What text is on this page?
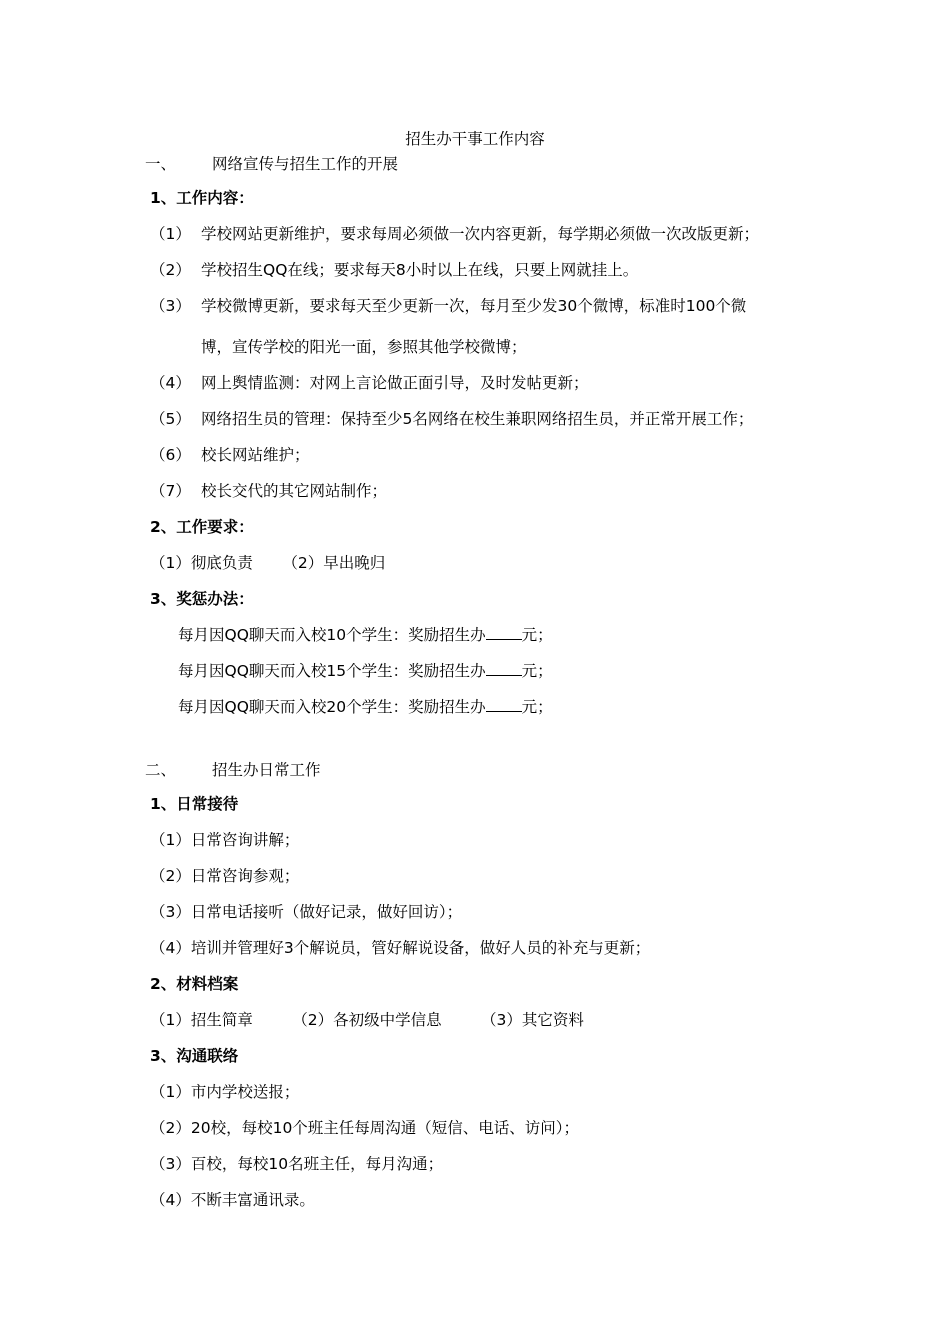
招生办干事工作内容
一、 网络宣传与招生工作的开展
1、工作内容：
（1） 学校网站更新维护，要求每周必须做一次内容更新，每学期必须做一次改版更新；
（2） 学校招生QQ在线；要求每天8小时以上在线，只要上网就挂上。
（3） 学校微博更新，要求每天至少更新一次，每月至少发30个微博，标准时100个微
博，宣传学校的阳光一面，参照其他学校微博；
（4） 网上舆情监测：对网上言论做正面引导，及时发帖更新；
（5） 网络招生员的管理：保持至少5名网络在校生兼职网络招生员，并正常开展工作；
（6） 校长网站维护；
（7） 校长交代的其它网站制作；
2、工作要求：
（1）彻底负责      （2）早出晚归
3、奖惩办法：
每月因QQ聊天而入校10个学生：奖励招生办 元；
每月因QQ聊天而入校15个学生：奖励招生办 元；
每月因QQ聊天而入校20个学生：奖励招生办 元；
二、 招生办日常工作
1、日常接待
（1）日常咨询讲解；
（2）日常咨询参观；
（3）日常电话接听（做好记录，做好回访）；
（4）培训并管理好3个解说员，管好解说设备，做好人员的补充与更新；
2、材料档案
（1）招生简章        （2）各初级中学信息        （3）其它资料
3、沟通联络
（1）市内学校送报；
（2）20校，每校10个班主任每周沟通（短信、电话、访问）；
（3）百校，每校10名班主任，每月沟通；
（4）不断丰富通讯录。
